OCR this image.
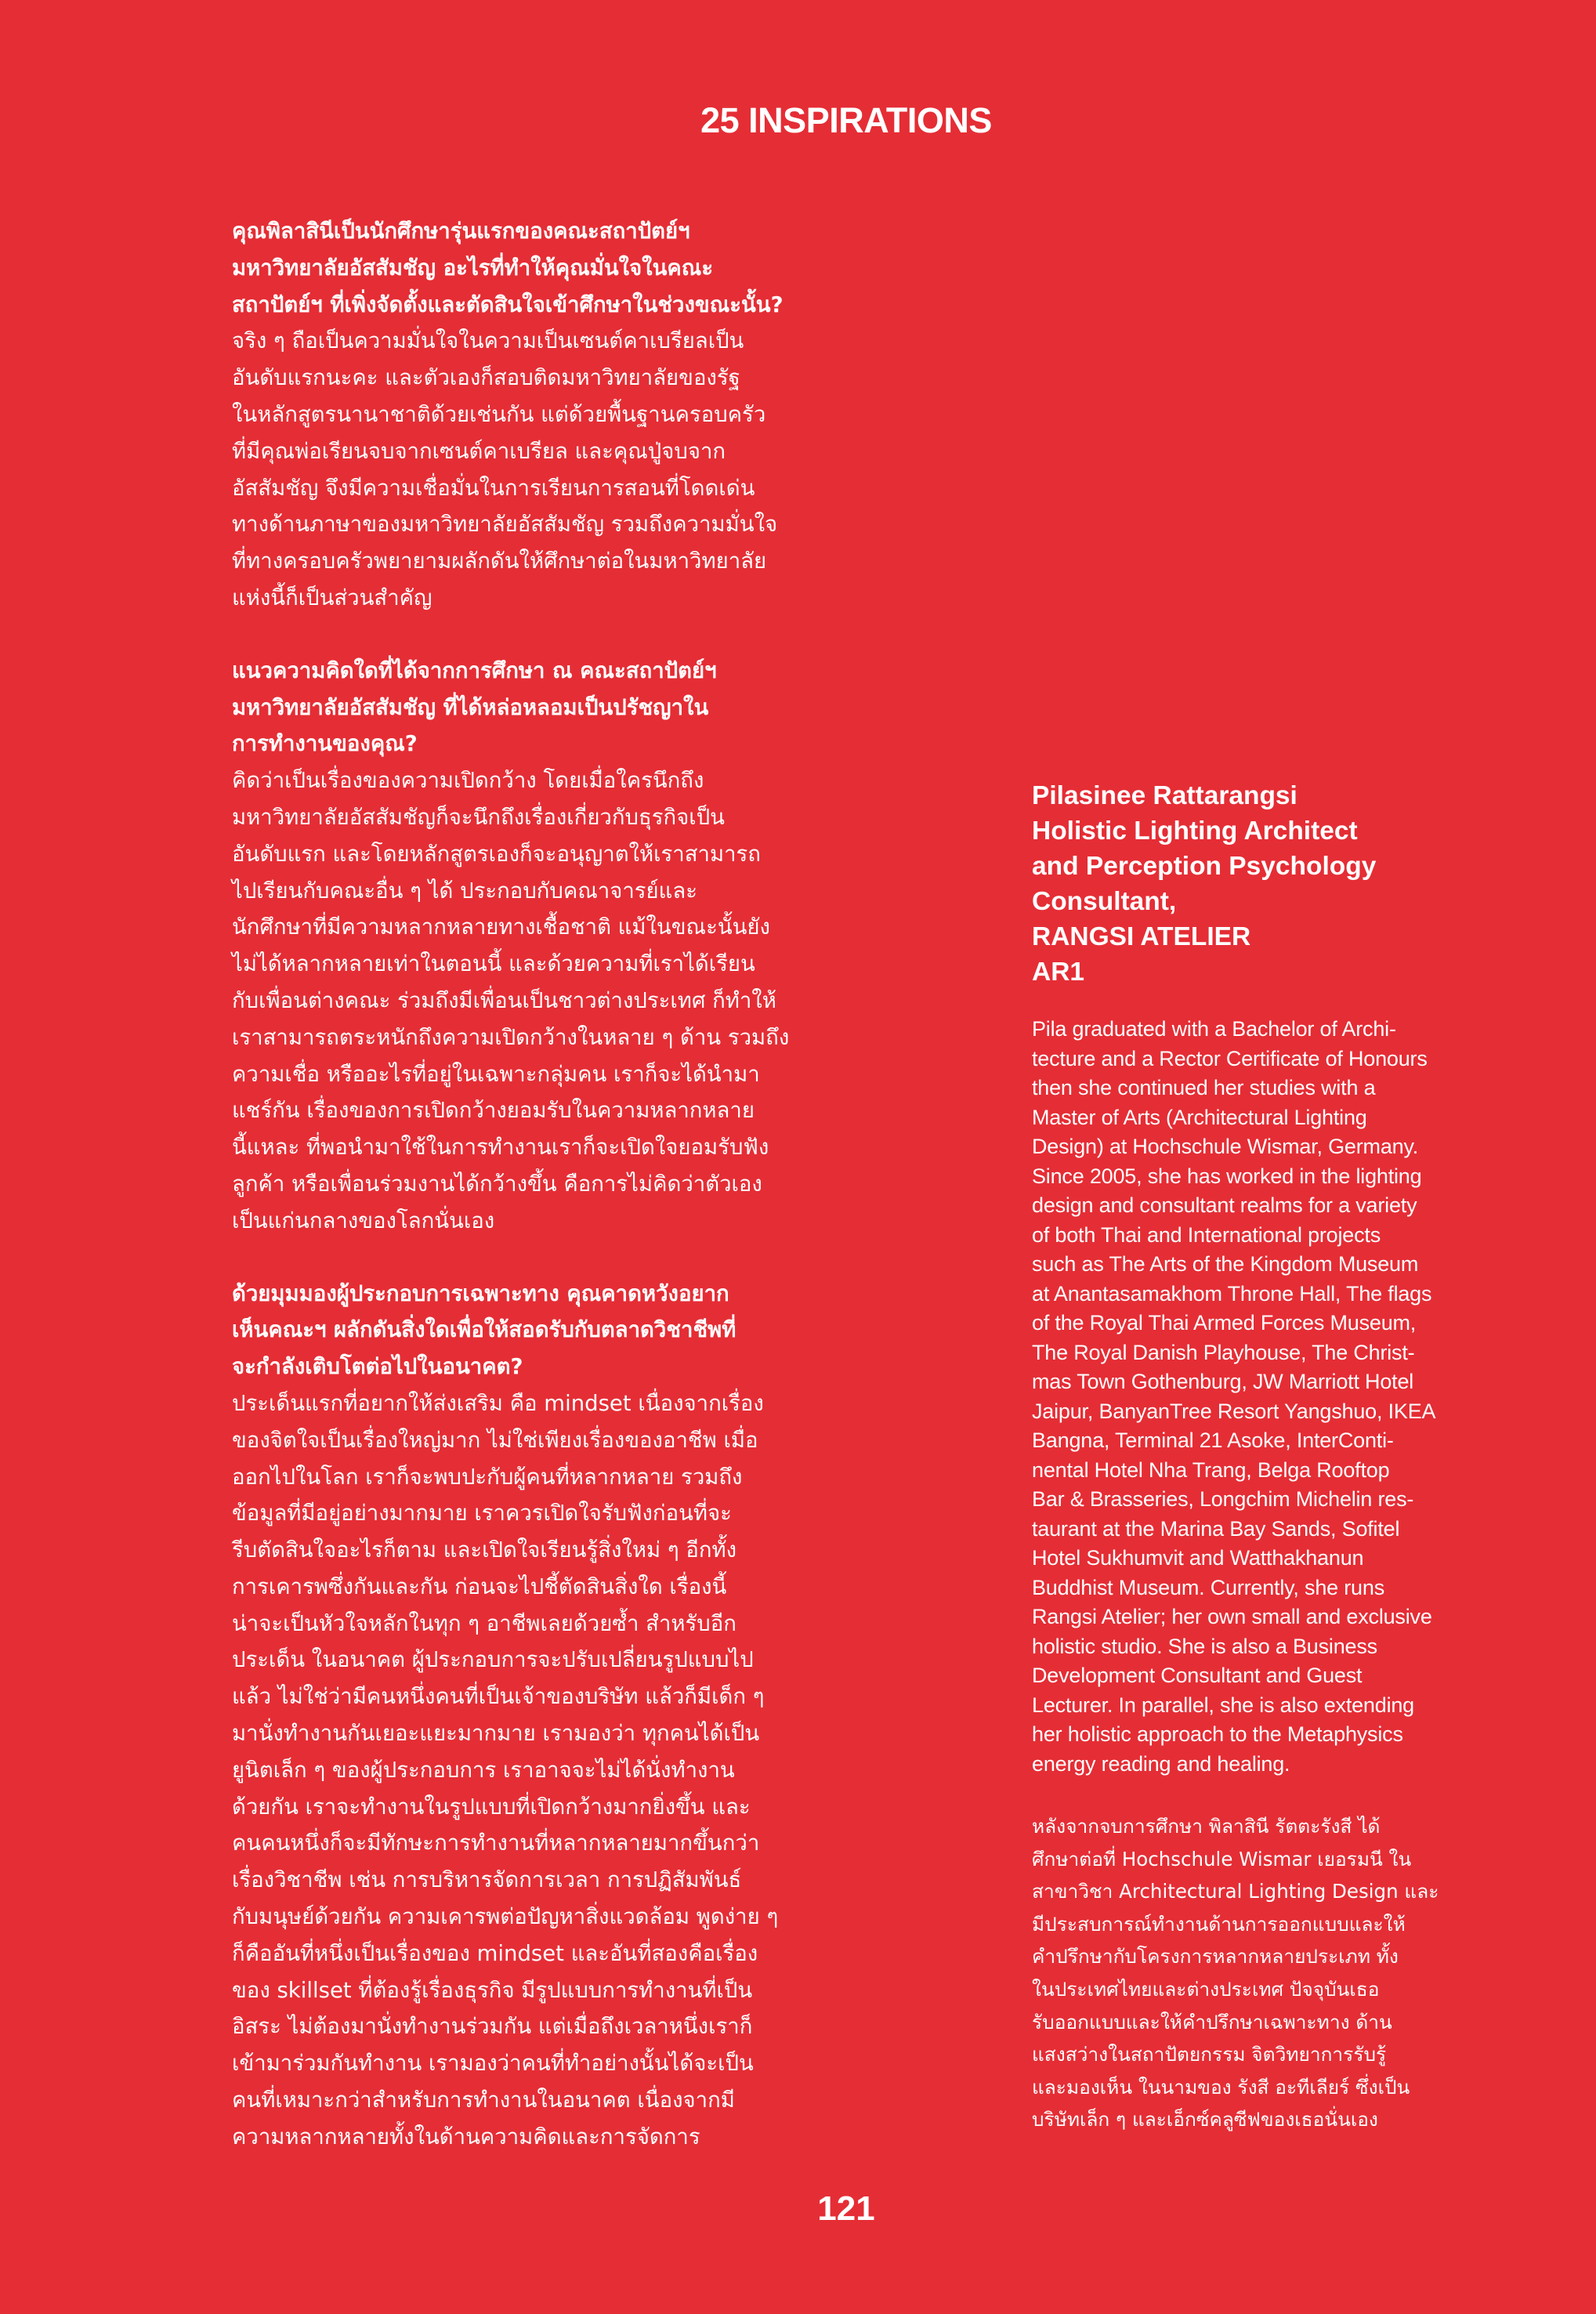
25 INSPIRATIONS
คุณพิลาสินีเป็นนักศึกษารุ่นแรกของคณะสถาปัตย์ฯ
มหาวิทยาลัยอัสสัมชัญ อะไรที่ทำให้คุณมั่นใจในคณะ
สถาปัตย์ฯ ที่เพิ่งจัดตั้งและตัดสินใจเข้าศึกษาในช่วงขณะนั้น?
จริง ๆ ถือเป็นความมั่นใจในความเป็นเซนต์คาเบรียลเป็น
อันดับแรกนะคะ และตัวเองก็สอบติดมหาวิทยาลัยของรัฐ
ในหลักสูตรนานาชาติด้วยเช่นกัน แต่ด้วยพื้นฐานครอบครัว
ที่มีคุณพ่อเรียนจบจากเซนต์คาเบรียล และคุณปู่จบจาก
อัสสัมชัญ จึงมีความเชื่อมั่นในการเรียนการสอนที่โดดเด่น
ทางด้านภาษาของมหาวิทยาลัยอัสสัมชัญ รวมถึงความมั่นใจ
ที่ทางครอบครัวพยายามผลักดันให้ศึกษาต่อในมหาวิทยาลัย
แห่งนี้ก็เป็นส่วนสำคัญ
แนวความคิดใดที่ได้จากการศึกษา ณ คณะสถาปัตย์ฯ
มหาวิทยาลัยอัสสัมชัญ ที่ได้หล่อหลอมเป็นปรัชญาใน
การทำงานของคุณ?
คิดว่าเป็นเรื่องของความเปิดกว้าง โดยเมื่อใครนึกถึง
มหาวิทยาลัยอัสสัมชัญก็จะนึกถึงเรื่องเกี่ยวกับธุรกิจเป็น
อันดับแรก และโดยหลักสูตรเองก็จะอนุญาตให้เราสามารถ
ไปเรียนกับคณะอื่น ๆ ได้ ประกอบกับคณาจารย์และ
นักศึกษาที่มีความหลากหลายทางเชื้อชาติ แม้ในขณะนั้นยัง
ไม่ได้หลากหลายเท่าในตอนนี้ และด้วยความที่เราได้เรียน
กับเพื่อนต่างคณะ ร่วมถึงมีเพื่อนเป็นชาวต่างประเทศ ก็ทำให้
เราสามารถตระหนักถึงความเปิดกว้างในหลาย ๆ ด้าน รวมถึง
ความเชื่อ หรืออะไรที่อยู่ในเฉพาะกลุ่มคน เราก็จะได้นำมา
แชร์กัน เรื่องของการเปิดกว้างยอมรับในความหลากหลาย
นี้แหละ ที่พอนำมาใช้ในการทำงานเราก็จะเปิดใจยอมรับฟัง
ลูกค้า หรือเพื่อนร่วมงานได้กว้างขึ้น คือการไม่คิดว่าตัวเอง
เป็นแก่นกลางของโลกนั่นเอง
ด้วยมุมมองผู้ประกอบการเฉพาะทาง คุณคาดหวังอยาก
เห็นคณะฯ ผลักดันสิ่งใดเพื่อให้สอดรับกับตลาดวิชาชีพที่
จะกำลังเติบโตต่อไปในอนาคต?
ประเด็นแรกที่อยากให้ส่งเสริม คือ mindset เนื่องจากเรื่อง
ของจิตใจเป็นเรื่องใหญ่มาก ไม่ใช่เพียงเรื่องของอาชีพ เมื่อ
ออกไปในโลก เราก็จะพบปะกับผู้คนที่หลากหลาย รวมถึง
ข้อมูลที่มีอยู่อย่างมากมาย เราควรเปิดใจรับฟังก่อนที่จะ
รีบตัดสินใจอะไรก็ตาม และเปิดใจเรียนรู้สิ่งใหม่ ๆ อีกทั้ง
การเคารพซึ่งกันและกัน ก่อนจะไปชี้ตัดสินสิ่งใด เรื่องนี้
น่าจะเป็นหัวใจหลักในทุก ๆ อาชีพเลยด้วยซ้ำ สำหรับอีก
ประเด็น ในอนาคต ผู้ประกอบการจะปรับเปลี่ยนรูปแบบไป
แล้ว ไม่ใช่ว่ามีคนหนึ่งคนที่เป็นเจ้าของบริษัท แล้วก็มีเด็ก ๆ
มานั่งทำงานกันเยอะแยะมากมาย เรามองว่า ทุกคนได้เป็น
ยูนิตเล็ก ๆ ของผู้ประกอบการ เราอาจจะไม่ได้นั่งทำงาน
ด้วยกัน เราจะทำงานในรูปแบบที่เปิดกว้างมากยิ่งขึ้น และ
คนคนหนึ่งก็จะมีทักษะการทำงานที่หลากหลายมากขึ้นกว่า
เรื่องวิชาชีพ เช่น การบริหารจัดการเวลา การปฏิสัมพันธ์
กับมนุษย์ด้วยกัน ความเคารพต่อปัญหาสิ่งแวดล้อม พูดง่าย ๆ
ก็คืออันที่หนึ่งเป็นเรื่องของ mindset และอันที่สองคือเรื่อง
ของ skillset ที่ต้องรู้เรื่องธุรกิจ มีรูปแบบการทำงานที่เป็น
อิสระ ไม่ต้องมานั่งทำงานร่วมกัน แต่เมื่อถึงเวลาหนึ่งเราก็
เข้ามาร่วมกันทำงาน เรามองว่าคนที่ทำอย่างนั้นได้จะเป็น
คนที่เหมาะกว่าสำหรับการทำงานในอนาคต เนื่องจากมี
ความหลากหลายทั้งในด้านความคิดและการจัดการ
Pilasinee Rattarangsi
Holistic Lighting Architect
and Perception Psychology
Consultant,
RANGSI ATELIER
AR1
Pila graduated with a Bachelor of Archi-
tecture and a Rector Certificate of Honours
then she continued her studies with a
Master of Arts (Architectural Lighting
Design) at Hochschule Wismar, Germany.
Since 2005, she has worked in the lighting
design and consultant realms for a variety
of both Thai and International projects
such as The Arts of the Kingdom Museum
at Anantasamakhom Throne Hall, The flags
of the Royal Thai Armed Forces Museum,
The Royal Danish Playhouse, The Christ-
mas Town Gothenburg, JW Marriott Hotel
Jaipur, BanyanTree Resort Yangshuo, IKEA
Bangna, Terminal 21 Asoke, InterConti-
nental Hotel Nha Trang, Belga Rooftop
Bar & Brasseries, Longchim Michelin res-
taurant at the Marina Bay Sands, Sofitel
Hotel Sukhumvit and Watthakhanun
Buddhist Museum. Currently, she runs
Rangsi Atelier; her own small and exclusive
holistic studio. She is also a Business
Development Consultant and Guest
Lecturer. In parallel, she is also extending
her holistic approach to the Metaphysics
energy reading and healing.
หลังจากจบการศึกษา พิลาสินี รัตตะรังสี ได้
ศึกษาต่อที่ Hochschule Wismar เยอรมนี ใน
สาขาวิชา Architectural Lighting Design และ
มีประสบการณ์ทำงานด้านการออกแบบและให้
คำปรึกษากับโครงการหลากหลายประเภท ทั้ง
ในประเทศไทยและต่างประเทศ ปัจจุบันเธอ
รับออกแบบและให้คำปรึกษาเฉพาะทาง ด้าน
แสงสว่างในสถาปัตยกรรม จิตวิทยาการรับรู้
และมองเห็น ในนามของ รังสี อะทีเลียร์ ซึ่งเป็น
บริษัทเล็ก ๆ และเอ็กซ์คลูซีฟของเธอนั่นเอง
121
